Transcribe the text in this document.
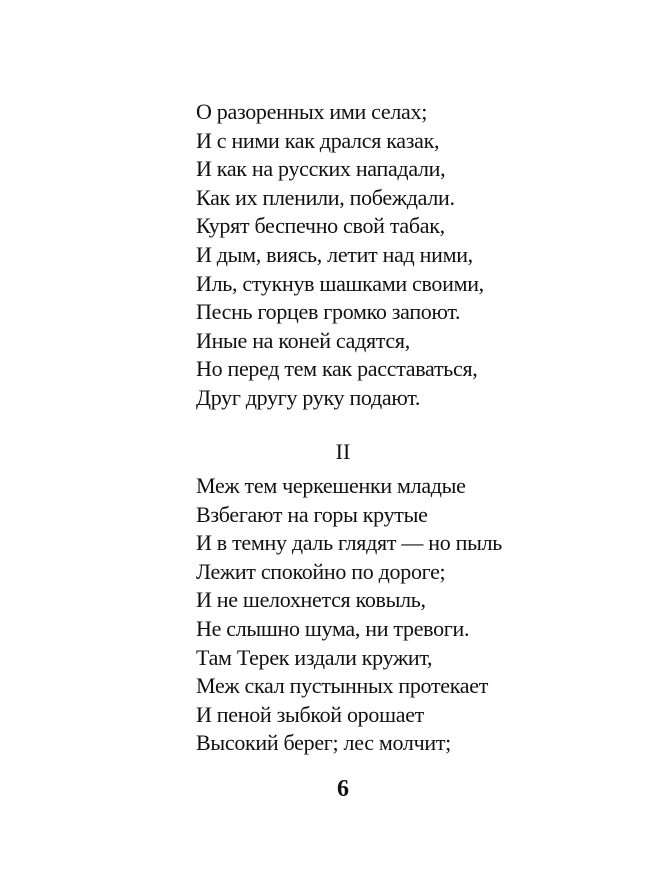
О разоренных ими селах;
И с ними как дрался казак,
И как на русских нападали,
Как их пленили, побеждали.
Курят беспечно свой табак,
И дым, виясь, летит над ними,
Иль, стукнув шашками своими,
Песнь горцев громко запоют.
Иные на коней садятся,
Но перед тем как расставаться,
Друг другу руку подают.
II
Меж тем черкешенки младые
Взбегают на горы крутые
И в темну даль глядят — но пыль
Лежит спокойно по дороге;
И не шелохнется ковыль,
Не слышно шума, ни тревоги.
Там Терек издали кружит,
Меж скал пустынных протекает
И пеной зыбкой орошает
Высокий берег; лес молчит;
6
